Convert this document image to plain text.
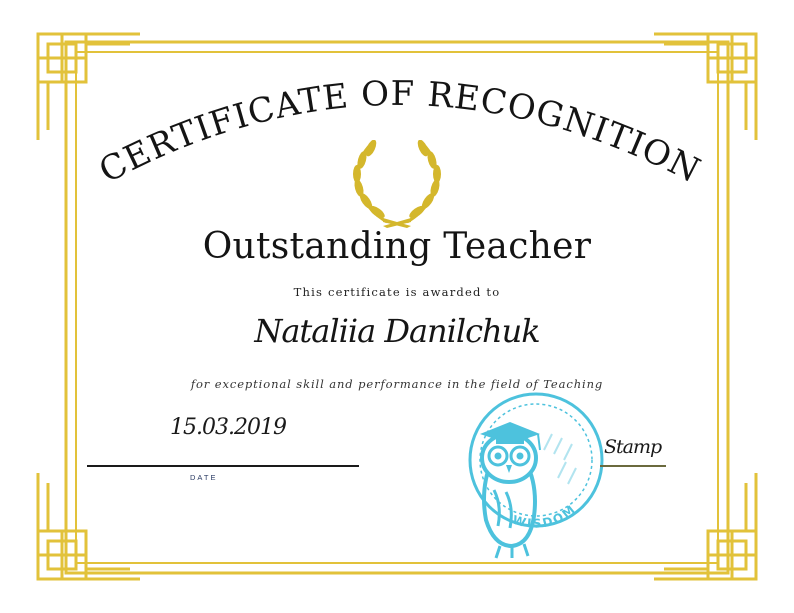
CERTIFICATE OF RECOGNITION
Outstanding Teacher
This certificate is awarded to
Nataliia Danilchuk
for exceptional skill and performance in the field of Teaching
15.03.2019
DATE
WISDOM
Stamp
